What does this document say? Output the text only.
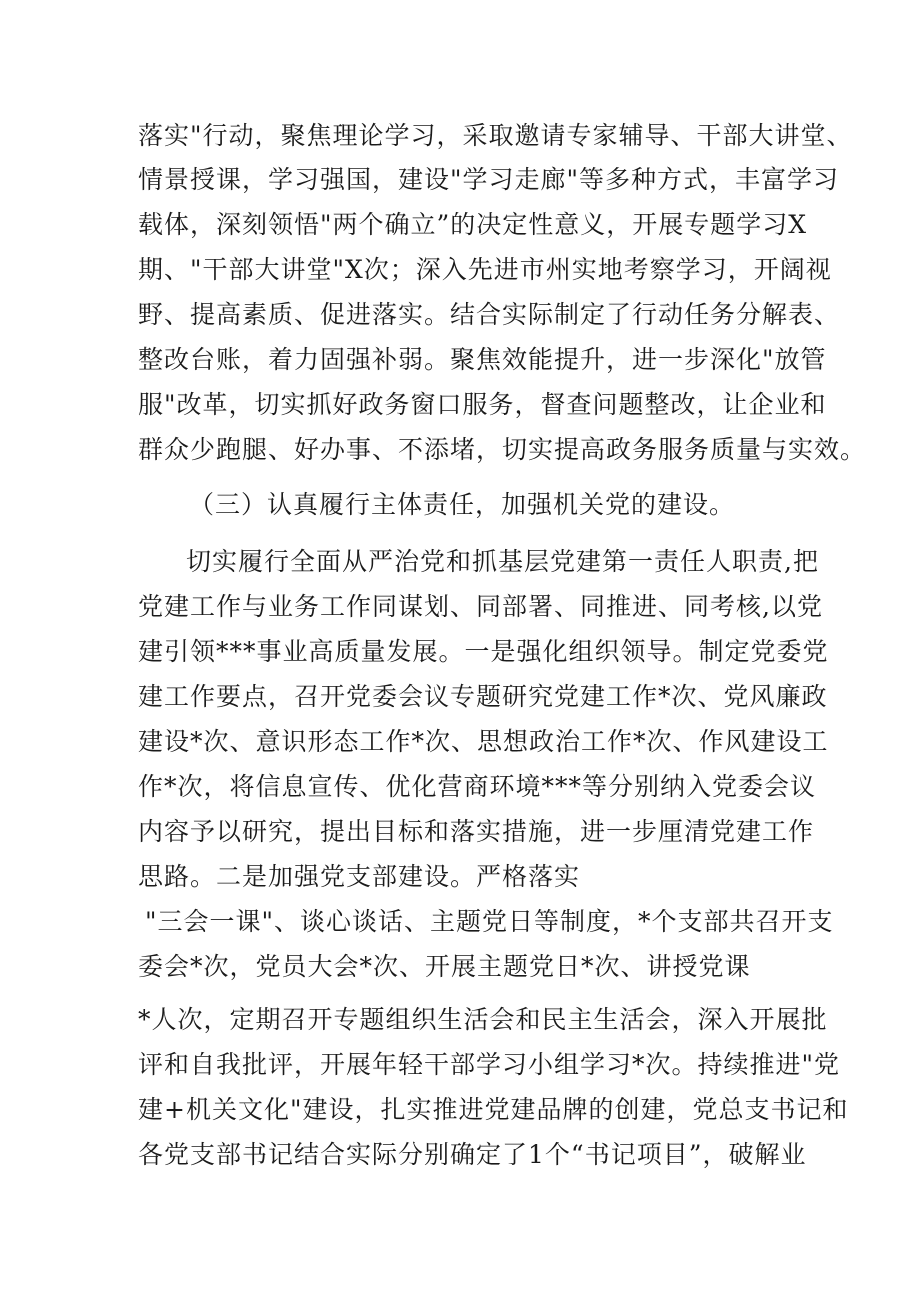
落实"行动，聚焦理论学习，采取邀请专家辅导、干部大讲堂、
情景授课，学习强国，建设"学习走廊"等多种方式，丰富学习
载体，深刻领悟"两个确立”的决定性意义，开展专题学习X
期、"干部大讲堂"X次；深入先进市州实地考察学习，开阔视
野、提高素质、促进落实。结合实际制定了行动任务分解表、
整改台账，着力固强补弱。聚焦效能提升，进一步深化"放管
服"改革，切实抓好政务窗口服务，督查问题整改，让企业和
群众少跑腿、好办事、不添堵，切实提高政务服务质量与实效。
（三）认真履行主体责任，加强机关党的建设。
切实履行全面从严治党和抓基层党建第一责任人职责,把
党建工作与业务工作同谋划、同部署、同推进、同考核,以党
建引领***事业高质量发展。一是强化组织领导。制定党委党
建工作要点，召开党委会议专题研究党建工作*次、党风廉政
建设*次、意识形态工作*次、思想政治工作*次、作风建设工
作*次，将信息宣传、优化营商环境***等分别纳入党委会议
内容予以研究，提出目标和落实措施，进一步厘清党建工作
思路。二是加强党支部建设。严格落实
"三会一课"、谈心谈话、主题党日等制度，*个支部共召开支
委会*次，党员大会*次、开展主题党日*次、讲授党课
*人次，定期召开专题组织生活会和民主生活会，深入开展批
评和自我批评，开展年轻干部学习小组学习*次。持续推进"党
建+机关文化"建设，扎实推进党建品牌的创建，党总支书记和
各党支部书记结合实际分别确定了1个“书记项目”，破解业
